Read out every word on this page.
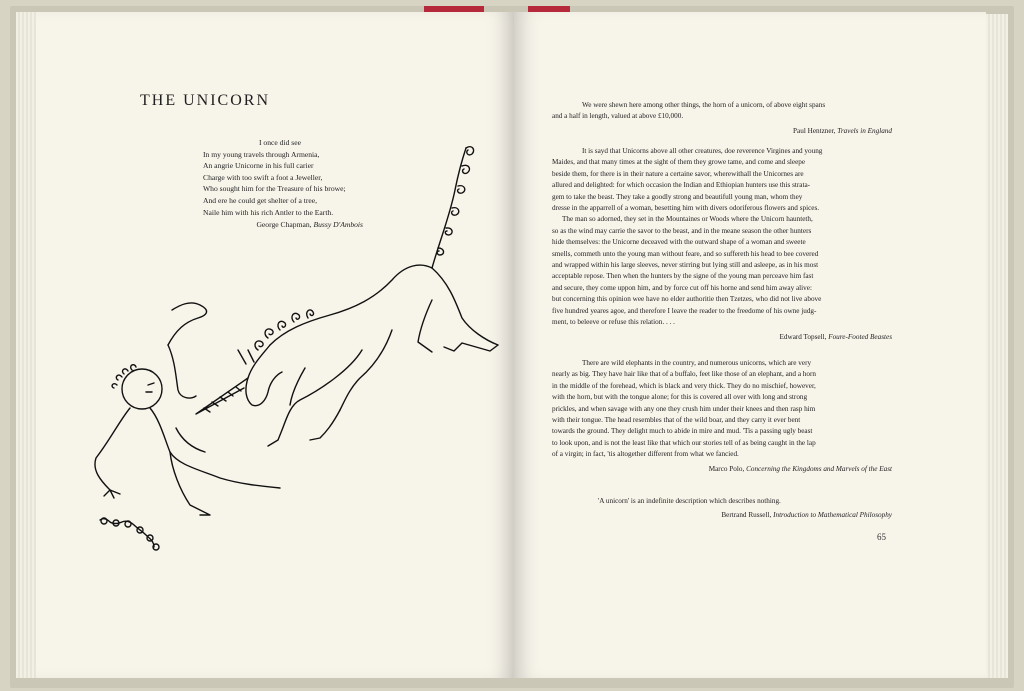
THE UNICORN
I once did see
In my young travels through Armenia,
An angrie Unicorne in his full carier
Charge with too swift a foot a Jeweller,
Who sought him for the Treasure of his browe;
And ere he could get shelter of a tree,
Naile him with his rich Antler to the Earth.
George Chapman, Bussy D'Ambois

We were shewn here among other things, the horn of a unicorn, of above eight spans

and a half in length, valued at above £10,000.

Paul Hentzner, Travels in England

It is sayd that Unicorns above all other creatures, doe reverence Virgines and young

Maides, and that many times at the sight of them they growe tame, and come and sleepe

beside them, for there is in their nature a certaine savor, wherewithall the Unicornes are

allured and delighted: for which occasion the Indian and Ethiopian hunters use this strata-

gem to take the beast. They take a goodly strong and beautifull young man, whom they

dresse in the apparrell of a woman, besetting him with divers odoriferous flowers and spices.

The man so adorned, they set in the Mountaines or Woods where the Unicorn haunteth,

so as the wind may carrie the savor to the beast, and in the meane season the other hunters

hide themselves: the Unicorne deceaved with the outward shape of a woman and sweete

smells, commeth unto the young man without feare, and so suffereth his head to bee covered

and wrapped within his large sleeves, never stirring but lying still and asleepe, as in his most

acceptable repose. Then when the hunters by the signe of the young man perceave him fast

and secure, they come uppon him, and by force cut off his horne and send him away alive:

but concerning this opinion wee have no elder authoritie then Tzetzes, who did not live above

five hundred yeares agoe, and therefore I leave the reader to the freedome of his owne judg-

ment, to beleeve or refuse this relation. . . .

Edward Topsell, Foure-Footed Beastes

There are wild elephants in the country, and numerous unicorns, which are very

nearly as big. They have hair like that of a buffalo, feet like those of an elephant, and a horn

in the middle of the forehead, which is black and very thick. They do no mischief, however,

with the horn, but with the tongue alone; for this is covered all over with long and strong

prickles, and when savage with any one they crush him under their knees and then rasp him

with their tongue. The head resembles that of the wild boar, and they carry it ever bent

towards the ground. They delight much to abide in mire and mud. 'Tis a passing ugly beast

to look upon, and is not the least like that which our stories tell of as being caught in the lap

of a virgin; in fact, 'tis altogether different from what we fancied.

Marco Polo, Concerning the Kingdoms and Marvels of the East

'A unicorn' is an indefinite description which describes nothing.

Bertrand Russell, Introduction to Mathematical Philosophy

65
